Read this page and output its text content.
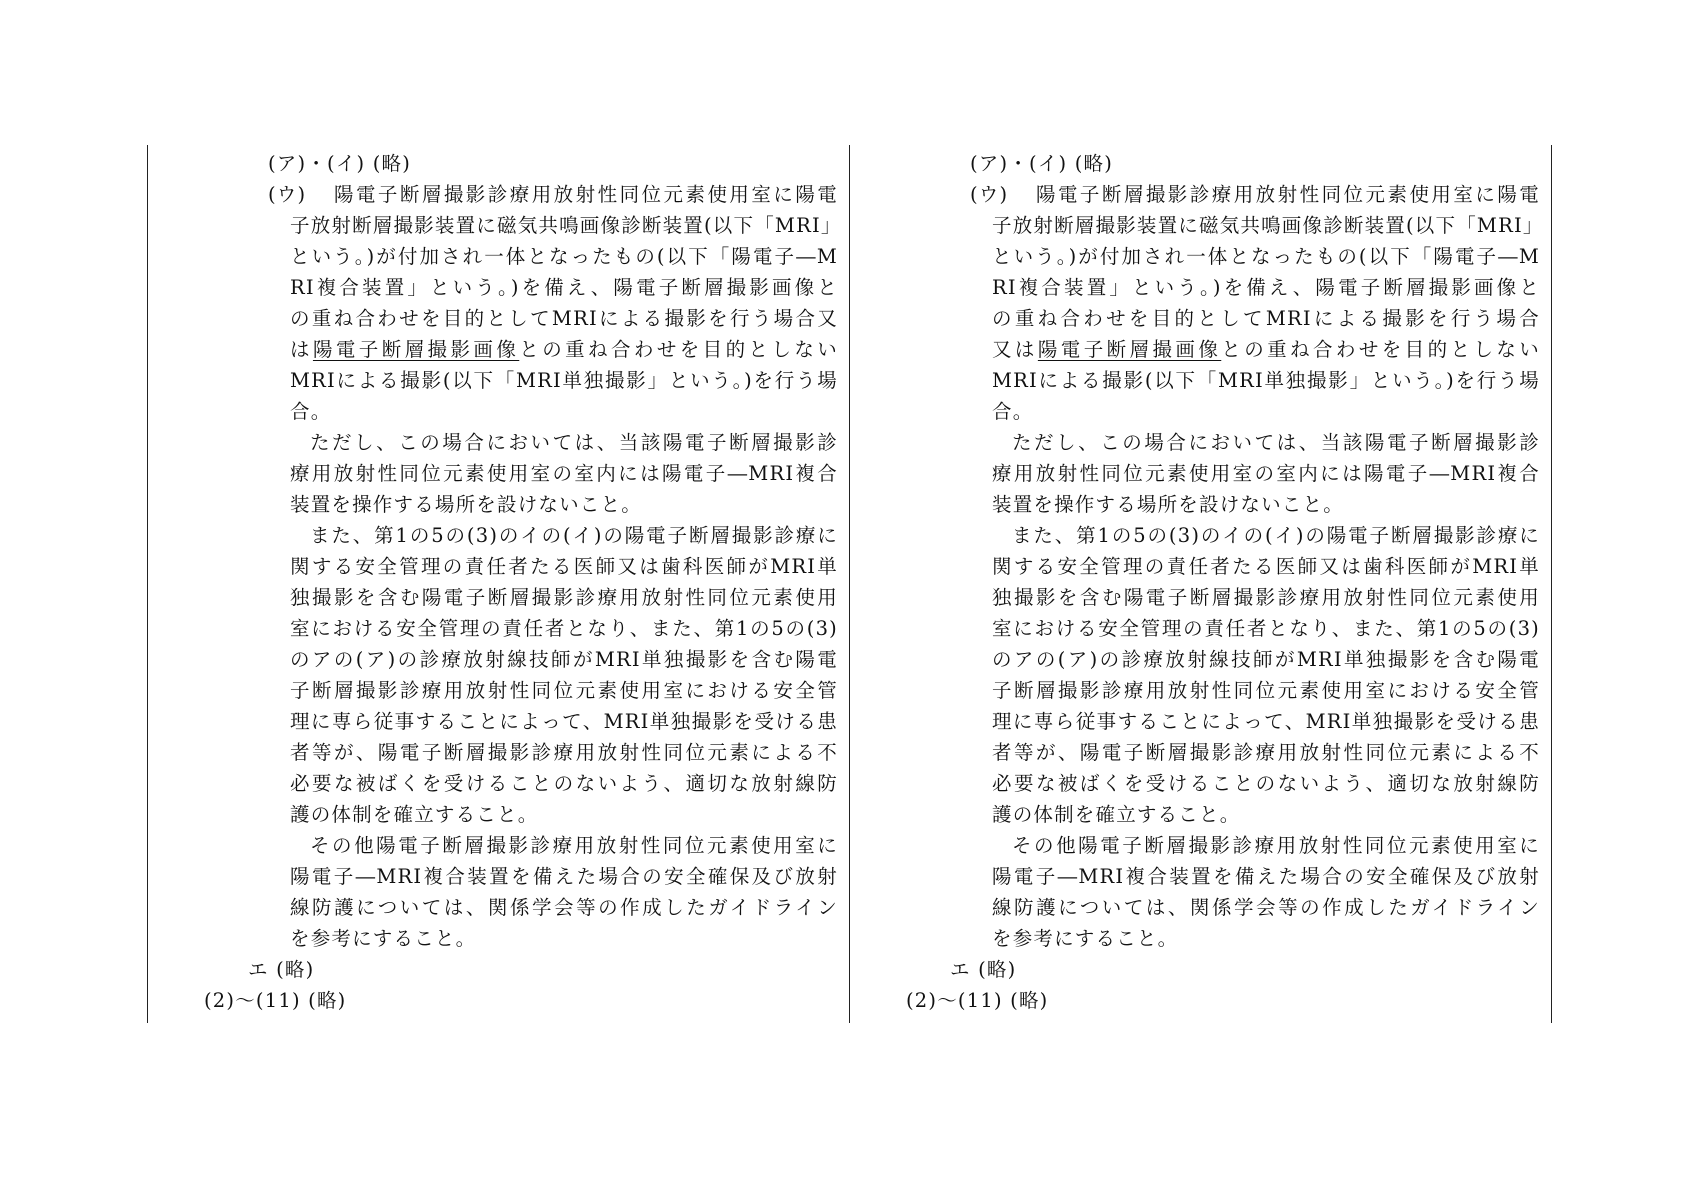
(ア)・(イ) (略)
(ウ) 陽電子断層撮影診療用放射性同位元素使用室に陽電
子放射断層撮影装置に磁気共鳴画像診断装置(以下「MRI」
という。)が付加され一体となったもの(以下「陽電子―M
RI複合装置」という。)を備え、陽電子断層撮影画像と
の重ね合わせを目的としてMRIによる撮影を行う場合又
は陽電子断層撮影画像との重ね合わせを目的としない
MRIによる撮影(以下「MRI単独撮影」という。)を行う場
合。
ただし、この場合においては、当該陽電子断層撮影診
療用放射性同位元素使用室の室内には陽電子―MRI複合
装置を操作する場所を設けないこと。
また、第1の5の(3)のイの(イ)の陽電子断層撮影診療に
関する安全管理の責任者たる医師又は歯科医師がMRI単
独撮影を含む陽電子断層撮影診療用放射性同位元素使用
室における安全管理の責任者となり、また、第1の5の(3)
のアの(ア)の診療放射線技師がMRI単独撮影を含む陽電
子断層撮影診療用放射性同位元素使用室における安全管
理に専ら従事することによって、MRI単独撮影を受ける患
者等が、陽電子断層撮影診療用放射性同位元素による不
必要な被ばくを受けることのないよう、適切な放射線防
護の体制を確立すること。
その他陽電子断層撮影診療用放射性同位元素使用室に
陽電子―MRI複合装置を備えた場合の安全確保及び放射
線防護については、関係学会等の作成したガイドライン
を参考にすること。
エ (略)
(2)～(11) (略)
(ア)・(イ) (略)
(ウ) 陽電子断層撮影診療用放射性同位元素使用室に陽電
子放射断層撮影装置に磁気共鳴画像診断装置(以下「MRI」
という。)が付加され一体となったもの(以下「陽電子―M
RI複合装置」という。)を備え、陽電子断層撮影画像と
の重ね合わせを目的としてMRIによる撮影を行う場合
又は陽電子断層撮画像との重ね合わせを目的としない
MRIによる撮影(以下「MRI単独撮影」という。)を行う場
合。
ただし、この場合においては、当該陽電子断層撮影診
療用放射性同位元素使用室の室内には陽電子―MRI複合
装置を操作する場所を設けないこと。
また、第1の5の(3)のイの(イ)の陽電子断層撮影診療に
関する安全管理の責任者たる医師又は歯科医師がMRI単
独撮影を含む陽電子断層撮影診療用放射性同位元素使用
室における安全管理の責任者となり、また、第1の5の(3)
のアの(ア)の診療放射線技師がMRI単独撮影を含む陽電
子断層撮影診療用放射性同位元素使用室における安全管
理に専ら従事することによって、MRI単独撮影を受ける患
者等が、陽電子断層撮影診療用放射性同位元素による不
必要な被ばくを受けることのないよう、適切な放射線防
護の体制を確立すること。
その他陽電子断層撮影診療用放射性同位元素使用室に
陽電子―MRI複合装置を備えた場合の安全確保及び放射
線防護については、関係学会等の作成したガイドライン
を参考にすること。
エ (略)
(2)～(11) (略)
